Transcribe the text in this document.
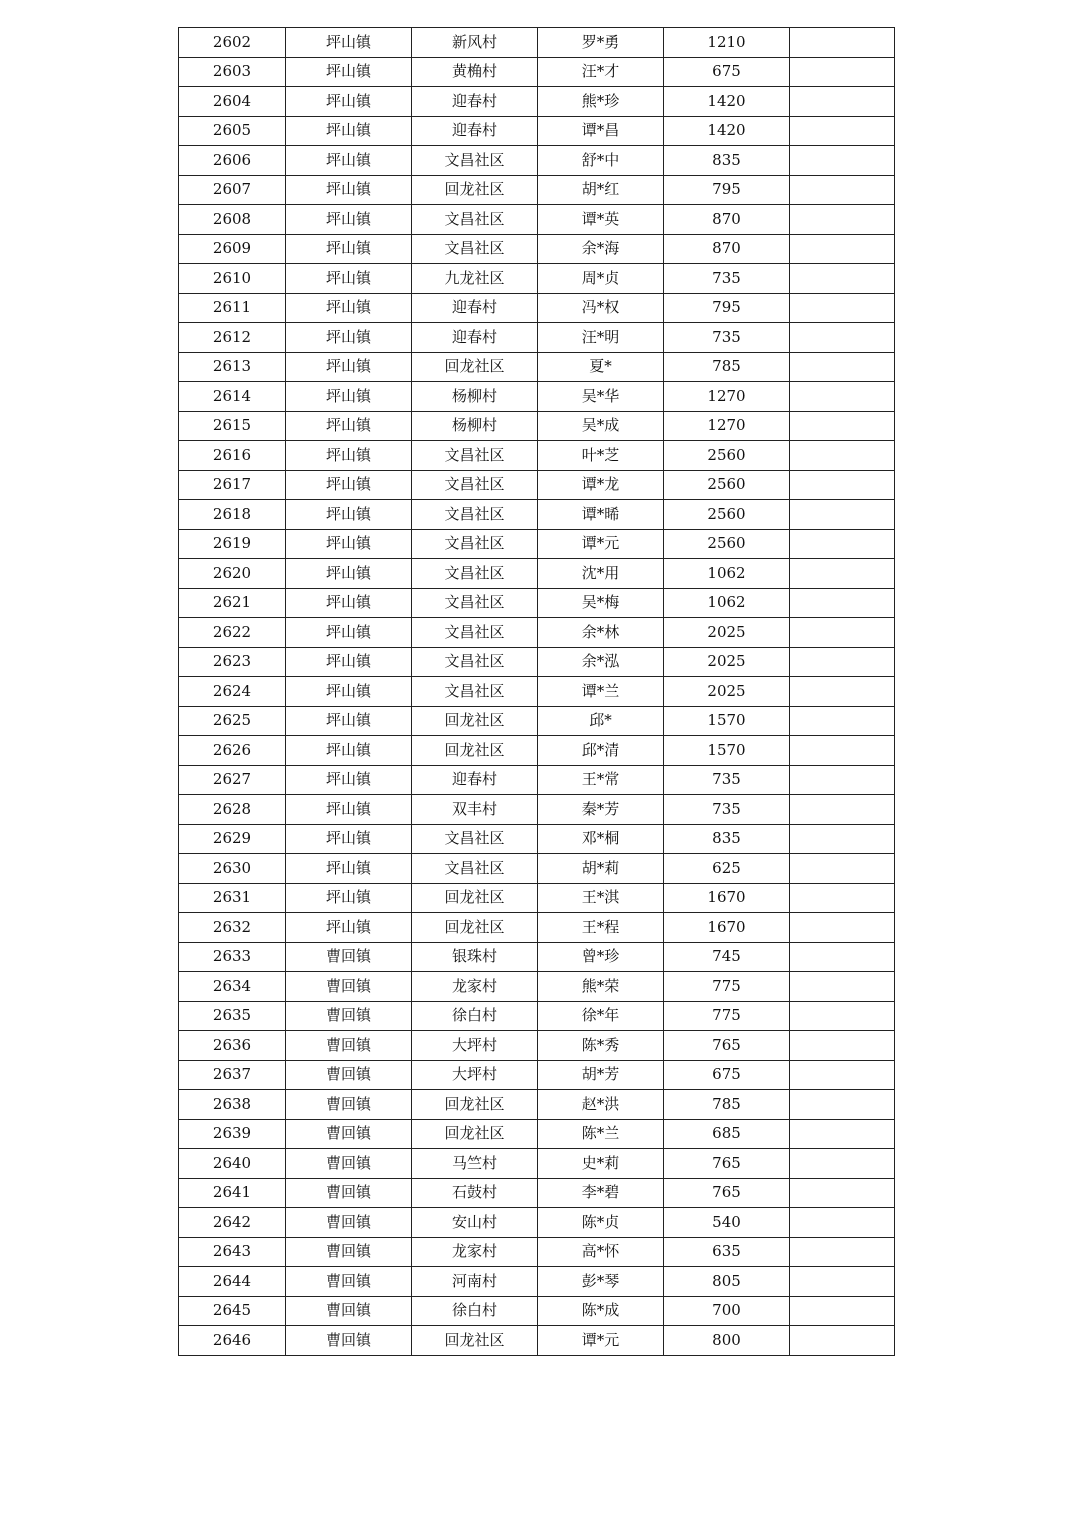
2602	坪山镇	新风村	罗*勇	1210	
2603	坪山镇	黄桷村	汪*才	675	
2604	坪山镇	迎春村	熊*珍	1420	
2605	坪山镇	迎春村	谭*昌	1420	
2606	坪山镇	文昌社区	舒*中	835	
2607	坪山镇	回龙社区	胡*红	795	
2608	坪山镇	文昌社区	谭*英	870	
2609	坪山镇	文昌社区	余*海	870	
2610	坪山镇	九龙社区	周*贞	735	
2611	坪山镇	迎春村	冯*权	795	
2612	坪山镇	迎春村	汪*明	735	
2613	坪山镇	回龙社区	夏*	785	
2614	坪山镇	杨柳村	吴*华	1270	
2615	坪山镇	杨柳村	吴*成	1270	
2616	坪山镇	文昌社区	叶*芝	2560	
2617	坪山镇	文昌社区	谭*龙	2560	
2618	坪山镇	文昌社区	谭*晞	2560	
2619	坪山镇	文昌社区	谭*元	2560	
2620	坪山镇	文昌社区	沈*用	1062	
2621	坪山镇	文昌社区	吴*梅	1062	
2622	坪山镇	文昌社区	余*林	2025	
2623	坪山镇	文昌社区	余*泓	2025	
2624	坪山镇	文昌社区	谭*兰	2025	
2625	坪山镇	回龙社区	邱*	1570	
2626	坪山镇	回龙社区	邱*清	1570	
2627	坪山镇	迎春村	王*常	735	
2628	坪山镇	双丰村	秦*芳	735	
2629	坪山镇	文昌社区	邓*桐	835	
2630	坪山镇	文昌社区	胡*莉	625	
2631	坪山镇	回龙社区	王*淇	1670	
2632	坪山镇	回龙社区	王*程	1670	
2633	曹回镇	银珠村	曾*珍	745	
2634	曹回镇	龙家村	熊*荣	775	
2635	曹回镇	徐白村	徐*年	775	
2636	曹回镇	大坪村	陈*秀	765	
2637	曹回镇	大坪村	胡*芳	675	
2638	曹回镇	回龙社区	赵*洪	785	
2639	曹回镇	回龙社区	陈*兰	685	
2640	曹回镇	马竺村	史*莉	765	
2641	曹回镇	石鼓村	李*碧	765	
2642	曹回镇	安山村	陈*贞	540	
2643	曹回镇	龙家村	高*怀	635	
2644	曹回镇	河南村	彭*琴	805	
2645	曹回镇	徐白村	陈*成	700	
2646	曹回镇	回龙社区	谭*元	800	
